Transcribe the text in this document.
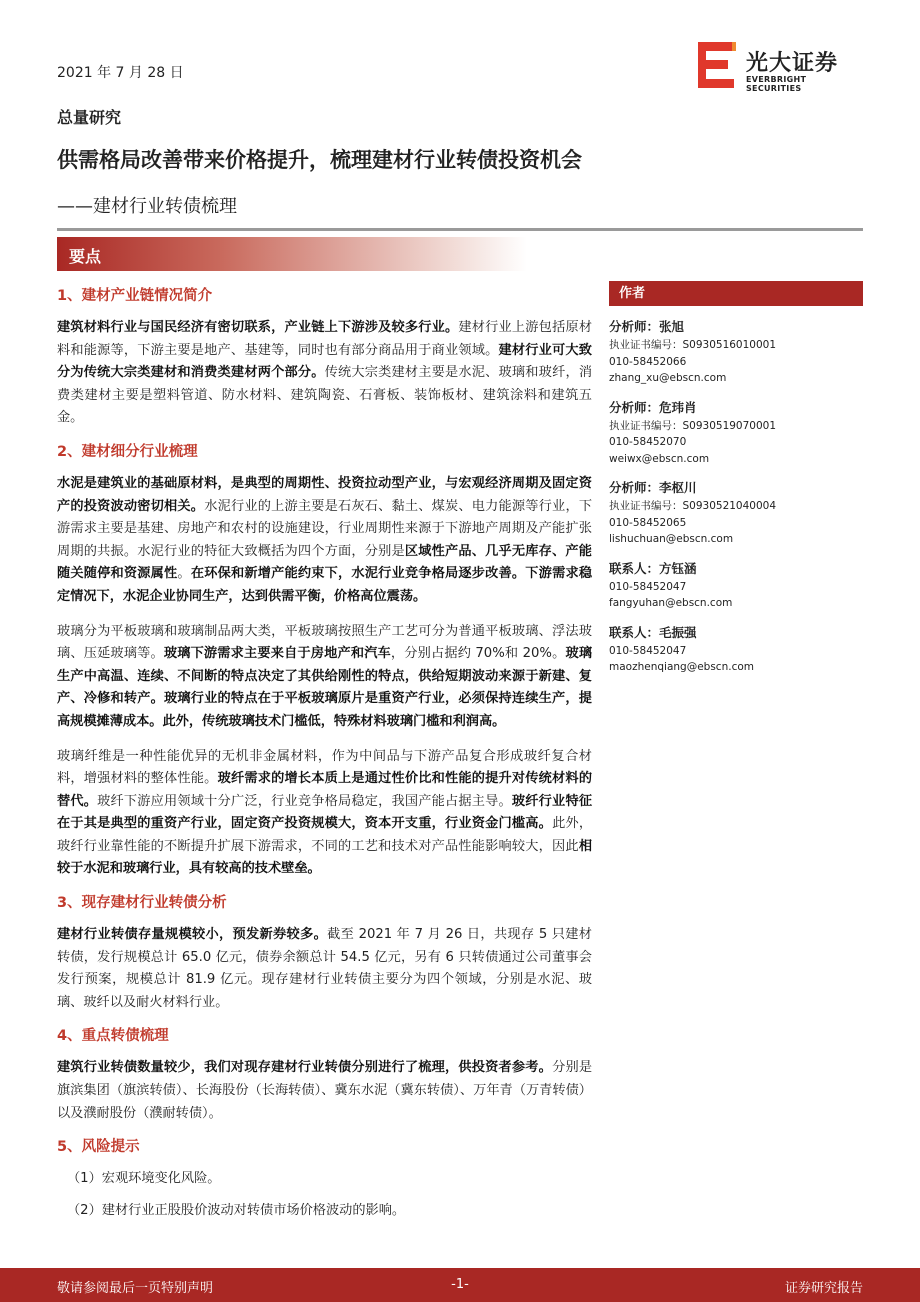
2021 年 7 月 28 日	光大证券
EVERBRIGHT SECURITIES
总量研究
供需格局改善带来价格提升，梳理建材行业转债投资机会
——建材行业转债梳理
要点
1、建材产业链情况简介
建筑材料行业与国民经济有密切联系，产业链上下游涉及较多行业。建材行业上游包括原材料和能源等，下游主要是地产、基建等，同时也有部分商品用于商业领域。建材行业可大致分为传统大宗类建材和消费类建材两个部分。传统大宗类建材主要是水泥、玻璃和玻纤，消费类建材主要是塑料管道、防水材料、建筑陶瓷、石膏板、装饰板材、建筑涂料和建筑五金。
2、建材细分行业梳理
水泥是建筑业的基础原材料，是典型的周期性、投资拉动型产业，与宏观经济周期及固定资产的投资波动密切相关。水泥行业的上游主要是石灰石、黏土、煤炭、电力能源等行业，下游需求主要是基建、房地产和农村的设施建设，行业周期性来源于下游地产周期及产能扩张周期的共振。水泥行业的特征大致概括为四个方面，分别是区域性产品、几乎无库存、产能随关随停和资源属性。在环保和新增产能约束下，水泥行业竞争格局逐步改善。下游需求稳定情况下，水泥企业协同生产，达到供需平衡，价格高位震荡。
玻璃分为平板玻璃和玻璃制品两大类，平板玻璃按照生产工艺可分为普通平板玻璃、浮法玻璃、压延玻璃等。玻璃下游需求主要来自于房地产和汽车，分别占据约 70%和 20%。玻璃生产中高温、连续、不间断的特点决定了其供给刚性的特点，供给短期波动来源于新建、复产、冷修和转产。玻璃行业的特点在于平板玻璃原片是重资产行业，必须保持连续生产，提高规模摊薄成本。此外，传统玻璃技术门槛低，特殊材料玻璃门槛和利润高。
玻璃纤维是一种性能优异的无机非金属材料，作为中间品与下游产品复合形成玻纤复合材料，增强材料的整体性能。玻纤需求的增长本质上是通过性价比和性能的提升对传统材料的替代。玻纤下游应用领域十分广泛，行业竞争格局稳定，我国产能占据主导。玻纤行业特征在于其是典型的重资产行业，固定资产投资规模大，资本开支重，行业资金门槛高。此外，玻纤行业靠性能的不断提升扩展下游需求，不同的工艺和技术对产品性能影响较大，因此相较于水泥和玻璃行业，具有较高的技术壁垒。
3、现存建材行业转债分析
建材行业转债存量规模较小，预发新券较多。截至 2021 年 7 月 26 日，共现存 5 只建材转债，发行规模总计 65.0 亿元，债券余额总计 54.5 亿元，另有 6 只转债通过公司董事会发行预案，规模总计 81.9 亿元。现存建材行业转债主要分为四个领域，分别是水泥、玻璃、玻纤以及耐火材料行业。
4、重点转债梳理
建筑行业转债数量较少，我们对现存建材行业转债分别进行了梳理，供投资者参考。分别是旗滨集团（旗滨转债）、长海股份（长海转债）、冀东水泥（冀东转债）、万年青（万青转债）以及濮耐股份（濮耐转债）。
5、风险提示
（1）宏观环境变化风险。
（2）建材行业正股股价波动对转债市场价格波动的影响。
作者
分析师：张旭
执业证书编号：S0930516010001
010-58452066
zhang_xu@ebscn.com
分析师：危玮肖
执业证书编号：S0930519070001
010-58452070
weiwx@ebscn.com
分析师：李枢川
执业证书编号：S0930521040004
010-58452065
lishuchuan@ebscn.com
联系人：方钰涵
010-58452047
fangyuhan@ebscn.com
联系人：毛振强
010-58452047
maozhenqiang@ebscn.com
敬请参阅最后一页特别声明	-1-	证券研究报告
